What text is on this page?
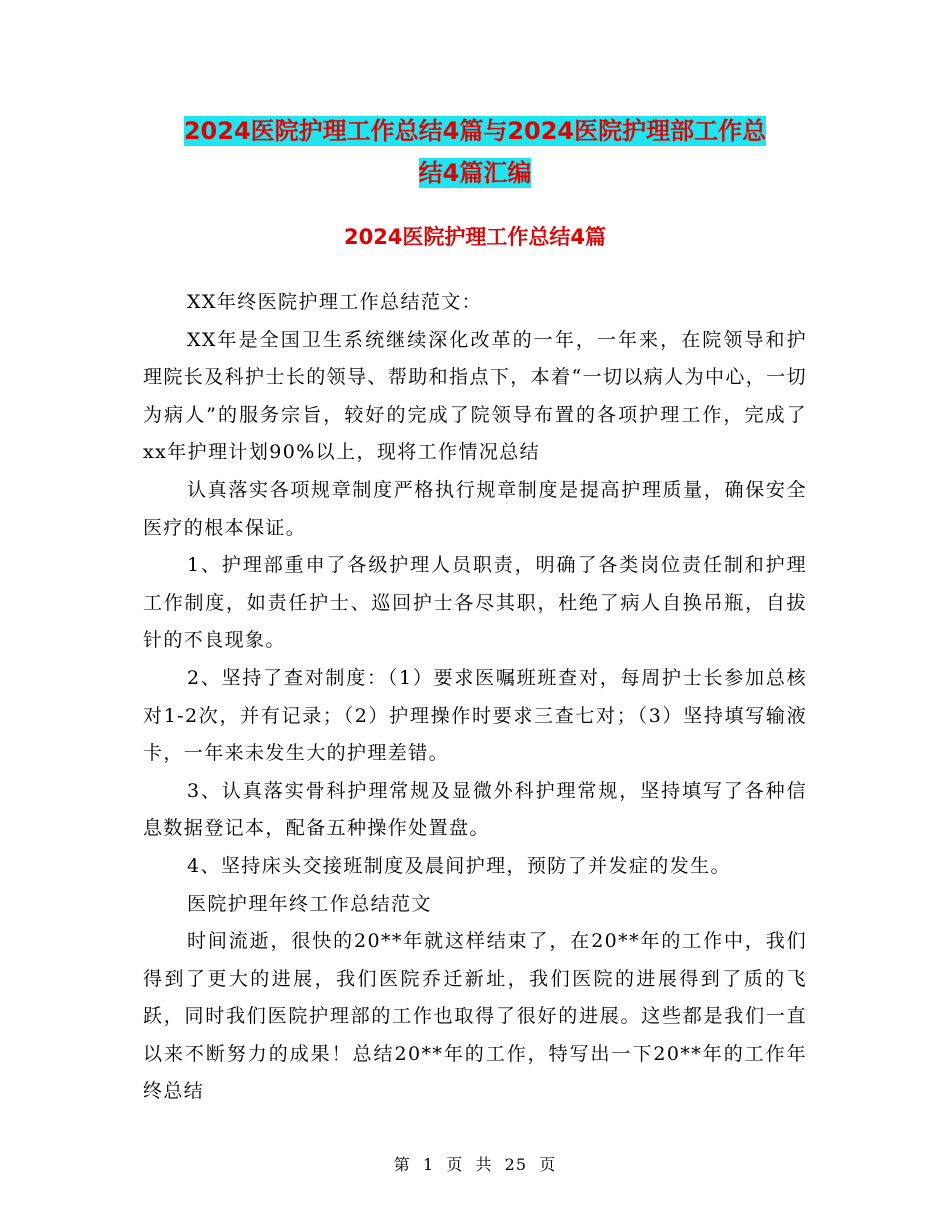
2024医院护理工作总结4篇与2024医院护理部工作总
结4篇汇编
2024医院护理工作总结4篇

XX年终医院护理工作总结范文：

XX年是全国卫生系统继续深化改革的一年，一年来，在院领导和护理院长及科护士长的领导、帮助和指点下，本着“一切以病人为中心，一切为病人”的服务宗旨，较好的完成了院领导布置的各项护理工作，完成了xx年护理计划90%以上，现将工作情况总结

认真落实各项规章制度严格执行规章制度是提高护理质量，确保安全医疗的根本保证。

1、护理部重申了各级护理人员职责，明确了各类岗位责任制和护理工作制度，如责任护士、巡回护士各尽其职，杜绝了病人自换吊瓶，自拔针的不良现象。

2、坚持了查对制度：（1）要求医嘱班班查对，每周护士长参加总核对1-2次，并有记录；（2）护理操作时要求三查七对；（3）坚持填写输液卡，一年来未发生大的护理差错。

3、认真落实骨科护理常规及显微外科护理常规，坚持填写了各种信息数据登记本，配备五种操作处置盘。

4、坚持床头交接班制度及晨间护理，预防了并发症的发生。

医院护理年终工作总结范文

时间流逝，很快的20**年就这样结束了，在20**年的工作中，我们得到了更大的进展，我们医院乔迁新址，我们医院的进展得到了质的飞跃，同时我们医院护理部的工作也取得了很好的进展。这些都是我们一直以来不断努力的成果！总结20**年的工作，特写出一下20**年的工作年终总结

第  1  页  共  25  页
